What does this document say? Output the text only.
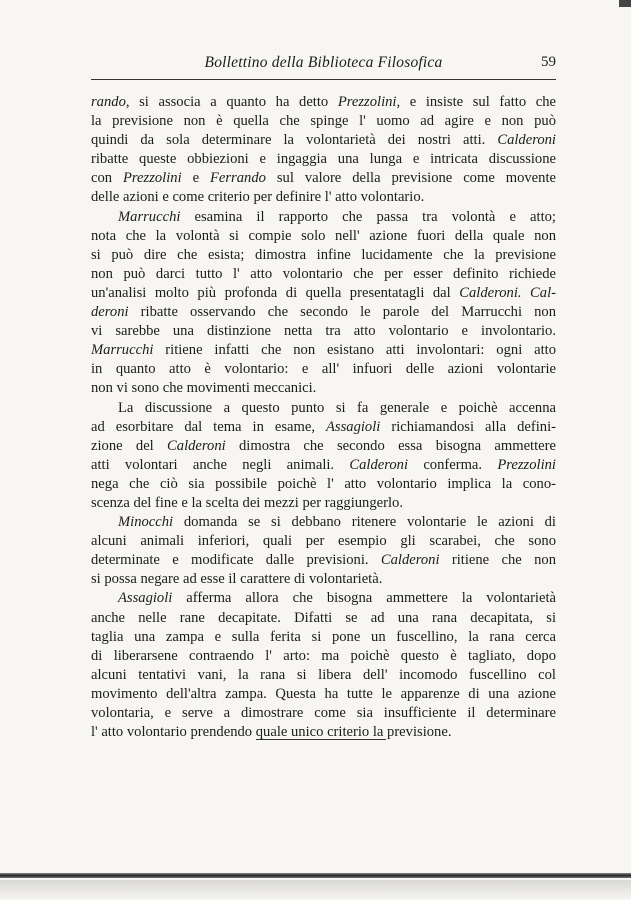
Bollettino della Biblioteca Filosofica	59
rando, si associa a quanto ha detto Prezzolini, e insiste sul fatto che
la previsione non è quella che spinge l' uomo ad agire e non può
quindi da sola determinare la volontarietà dei nostri atti. Calderoni
ribatte queste obbiezioni e ingaggia una lunga e intricata discussione
con Prezzolini e Ferrando sul valore della previsione come movente
delle azioni e come criterio per definire l' atto volontario.
Marrucchi esamina il rapporto che passa tra volontà e atto;
nota che la volontà si compie solo nell' azione fuori della quale non
si può dire che esista; dimostra infine lucidamente che la previsione
non può darci tutto l' atto volontario che per esser definito richiede
un'analisi molto più profonda di quella presentatagli dal Calderoni. Cal-
deroni ribatte osservando che secondo le parole del Marrucchi non
vi sarebbe una distinzione netta tra atto volontario e involontario.
Marrucchi ritiene infatti che non esistano atti involontari: ogni atto
in quanto atto è volontario: e all' infuori delle azioni volontarie
non vi sono che movimenti meccanici.
La discussione a questo punto si fa generale e poichè accenna
ad esorbitare dal tema in esame, Assagioli richiamandosi alla defini-
zione del Calderoni dimostra che secondo essa bisogna ammettere
atti volontari anche negli animali. Calderoni conferma. Prezzolini
nega che ciò sia possibile poichè l' atto volontario implica la cono-
scenza del fine e la scelta dei mezzi per raggiungerlo.
Minocchi domanda se si debbano ritenere volontarie le azioni di
alcuni animali inferiori, quali per esempio gli scarabei, che sono
determinate e modificate dalle previsioni. Calderoni ritiene che non
si possa negare ad esse il carattere di volontarietà.
Assagioli afferma allora che bisogna ammettere la volontarietà
anche nelle rane decapitate. Difatti se ad una rana decapitata, si
taglia una zampa e sulla ferita si pone un fuscellino, la rana cerca
di liberarsene contraendo l' arto: ma poichè questo è tagliato, dopo
alcuni tentativi vani, la rana si libera dell' incomodo fuscellino col
movimento dell'altra zampa. Questa ha tutte le apparenze di una azione
volontaria, e serve a dimostrare come sia insufficiente il determinare
l' atto volontario prendendo quale unico criterio la previsione.
